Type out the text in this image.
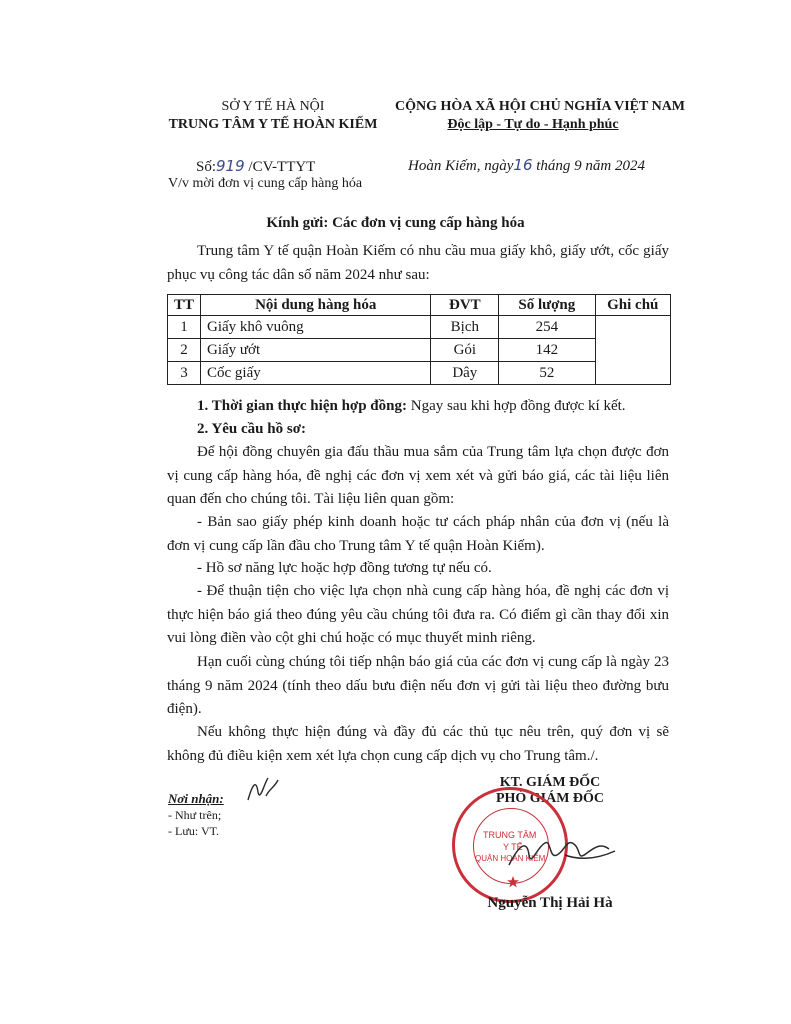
SỞ Y TẾ HÀ NỘI
TRUNG TÂM Y TẾ HOÀN KIẾM
CỘNG HÒA XÃ HỘI CHỦ NGHĨA VIỆT NAM
Độc lập - Tự do - Hạnh phúc
Số:919 /CV-TTYT	Hoàn Kiếm, ngày16 tháng 9 năm 2024
V/v mời đơn vị cung cấp hàng hóa
Kính gửi: Các đơn vị cung cấp hàng hóa
Trung tâm Y tế quận Hoàn Kiếm có nhu cầu mua giấy khô, giấy ướt, cốc giấy phục vụ công tác dân số năm 2024 như sau:
TT	Nội dung hàng hóa	ĐVT	Số lượng	Ghi chú
1	Giấy khô vuông	Bịch	254	
2	Giấy ướt	Gói	142	
3	Cốc giấy	Dây	52	
1. Thời gian thực hiện hợp đồng: Ngay sau khi hợp đồng được kí kết.
2. Yêu cầu hồ sơ:
Để hội đồng chuyên gia đấu thầu mua sắm của Trung tâm lựa chọn được đơn vị cung cấp hàng hóa, đề nghị các đơn vị xem xét và gửi báo giá, các tài liệu liên quan đến cho chúng tôi. Tài liệu liên quan gồm:
- Bản sao giấy phép kinh doanh hoặc tư cách pháp nhân của đơn vị (nếu là đơn vị cung cấp lần đầu cho Trung tâm Y tế quận Hoàn Kiếm).
- Hồ sơ năng lực hoặc hợp đồng tương tự nếu có.
- Để thuận tiện cho việc lựa chọn nhà cung cấp hàng hóa, đề nghị các đơn vị thực hiện báo giá theo đúng yêu cầu chúng tôi đưa ra. Có điểm gì cần thay đổi xin vui lòng điền vào cột ghi chú hoặc có mục thuyết minh riêng.
Hạn cuối cùng chúng tôi tiếp nhận báo giá của các đơn vị cung cấp là ngày 23 tháng 9 năm 2024 (tính theo dấu bưu điện nếu đơn vị gửi tài liệu theo đường bưu điện).
Nếu không thực hiện đúng và đầy đủ các thủ tục nêu trên, quý đơn vị sẽ không đủ điều kiện xem xét lựa chọn cung cấp dịch vụ cho Trung tâm./.
Nơi nhận:
- Như trên;
- Lưu: VT.
KT. GIÁM ĐỐC
PHÓ GIÁM ĐỐC
TRUNG TÂM
Y TẾ
QUẬN HOÀN KIẾM
Nguyễn Thị Hải Hà
